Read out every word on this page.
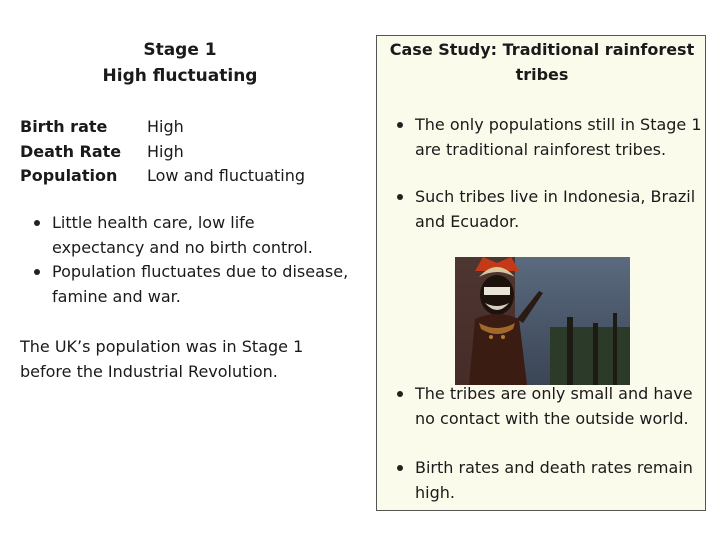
Stage 1
High fluctuating
Birth rate	High
Death Rate	High
Population	Low and fluctuating
Little health care, low life expectancy and no birth control.
Population fluctuates due to disease, famine and war.
The UK’s population was in Stage 1 before the Industrial Revolution.
Case Study: Traditional rainforest tribes
The only populations still in Stage 1 are traditional rainforest tribes.
Such tribes live in Indonesia, Brazil and Ecuador.
The tribes are only small and have no contact with the outside world.
Birth rates and death rates remain high.
